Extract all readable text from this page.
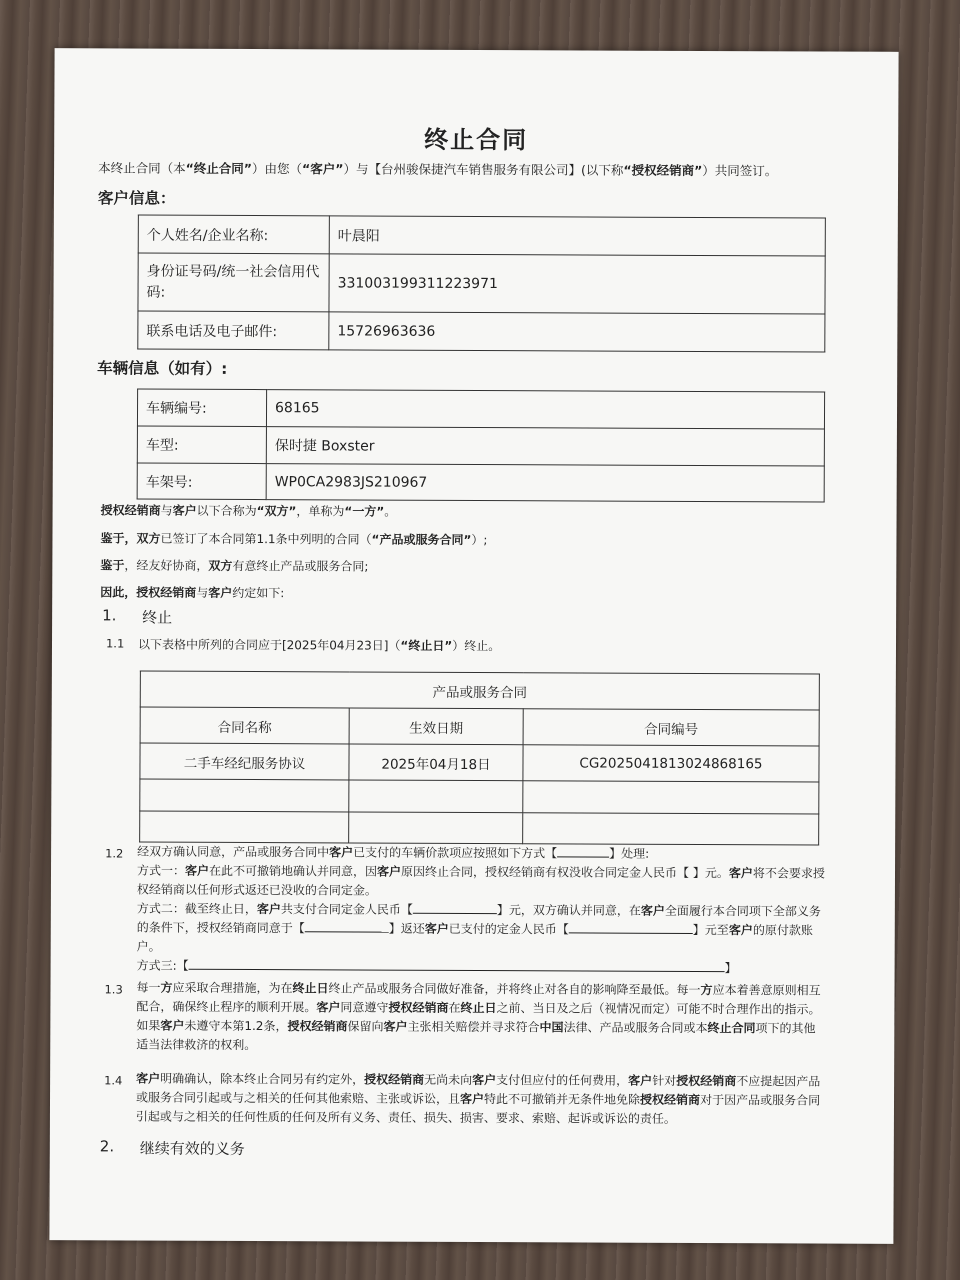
终止合同
本终止合同（本“终止合同”）由您（“客户”）与【台州骏保捷汽车销售服务有限公司】(以下称“授权经销商”）共同签订。
客户信息：
个人姓名/企业名称:	叶晨阳
身份证号码/统一社会信用代码:	331003199311223971
联系电话及电子邮件:	15726963636
车辆信息（如有）:
车辆编号:	68165
车型:	保时捷 Boxster
车架号:	WP0CA2983JS210967
授权经销商与客户以下合称为“双方”，单称为“一方”。
鉴于，双方已签订了本合同第1.1条中列明的合同（“产品或服务合同”）;
鉴于，经友好协商，双方有意终止产品或服务合同;
因此，授权经销商与客户约定如下:
1. 终止
1.1 以下表格中所列的合同应于[2025年04月23日]（“终止日”）终止。
产品或服务合同		
合同名称	生效日期	合同编号
二手车经纪服务协议	2025年04月18日	CG2025041813024868165

1.2 经双方确认同意，产品或服务合同中客户已支付的车辆价款项应按照如下方式【	】处理:
方式一：客户在此不可撤销地确认并同意，因客户原因终止合同，授权经销商有权没收合同定金人民币【 】元。客户将不会要求授
权经销商以任何形式返还已没收的合同定金。
方式二：截至终止日，客户共支付合同定金人民币【	】元，双方确认并同意，在客户全面履行本合同项下全部义务
的条件下，授权经销商同意于【	】返还客户已支付的定金人民币【	】元至客户的原付款账
户。
方式三:【	】
1.3 每一方应采取合理措施，为在终止日终止产品或服务合同做好准备，并将终止对各自的影响降至最低。每一方应本着善意原则相互
配合，确保终止程序的顺利开展。客户同意遵守授权经销商在终止日之前、当日及之后（视情况而定）可能不时合理作出的指示。
如果客户未遵守本第1.2条，授权经销商保留向客户主张相关赔偿并寻求符合中国法律、产品或服务合同或本终止合同项下的其他
适当法律救济的权利。
1.4 客户明确确认，除本终止合同另有约定外，授权经销商无尚未向客户支付但应付的任何费用，客户针对授权经销商不应提起因产品
或服务合同引起或与之相关的任何其他索赔、主张或诉讼，且客户特此不可撤销并无条件地免除授权经销商对于因产品或服务合同
引起或与之相关的任何性质的任何及所有义务、责任、损失、损害、要求、索赔、起诉或诉讼的责任。
2. 继续有效的义务
